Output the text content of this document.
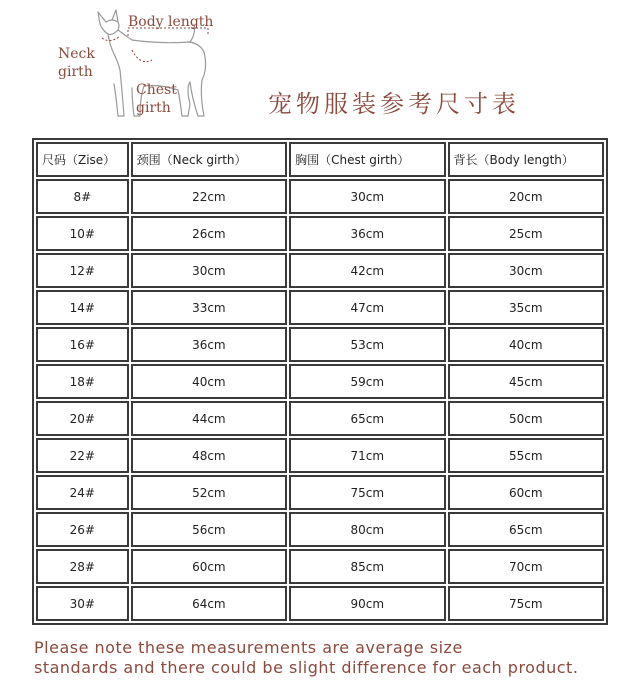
Body length
Neck
girth
Chest
girth	宠物服装参考尺寸表
尺码（Zise）	颈围（Neck girth）	胸围（Chest girth）	背长（Body length）
8#	22cm	30cm	20cm
10#	26cm	36cm	25cm
12#	30cm	42cm	30cm
14#	33cm	47cm	35cm
16#	36cm	53cm	40cm
18#	40cm	59cm	45cm
20#	44cm	65cm	50cm
22#	48cm	71cm	55cm
24#	52cm	75cm	60cm
26#	56cm	80cm	65cm
28#	60cm	85cm	70cm
30#	64cm	90cm	75cm
Please note these measurements are average size
standards and there could be slight difference for each product.
